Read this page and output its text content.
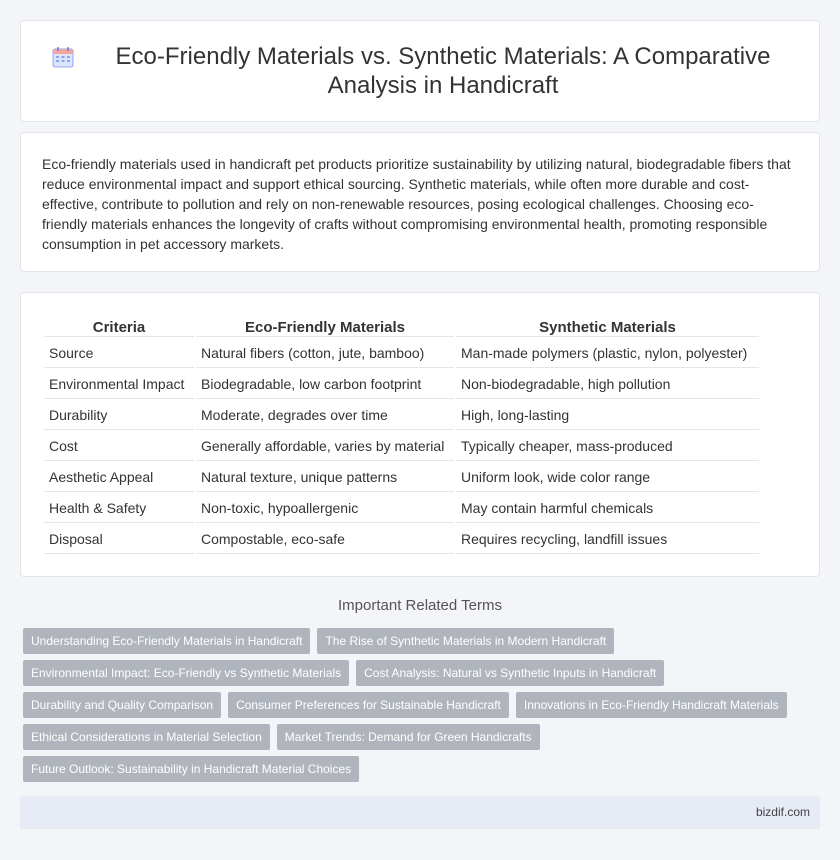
Eco-Friendly Materials vs. Synthetic Materials: A Comparative Analysis in Handicraft

Eco-friendly materials used in handicraft pet products prioritize sustainability by utilizing natural, biodegradable fibers that reduce environmental impact and support ethical sourcing. Synthetic materials, while often more durable and cost-effective, contribute to pollution and rely on non-renewable resources, posing ecological challenges. Choosing eco-friendly materials enhances the longevity of crafts without compromising environmental health, promoting responsible consumption in pet accessory markets.

Criteria	Eco-Friendly Materials	Synthetic Materials
Source	Natural fibers (cotton, jute, bamboo)	Man-made polymers (plastic, nylon, polyester)
Environmental Impact	Biodegradable, low carbon footprint	Non-biodegradable, high pollution
Durability	Moderate, degrades over time	High, long-lasting
Cost	Generally affordable, varies by material	Typically cheaper, mass-produced
Aesthetic Appeal	Natural texture, unique patterns	Uniform look, wide color range
Health & Safety	Non-toxic, hypoallergenic	May contain harmful chemicals
Disposal	Compostable, eco-safe	Requires recycling, landfill issues
Important Related Terms
Understanding Eco-Friendly Materials in Handicraft	The Rise of Synthetic Materials in Modern Handicraft
Environmental Impact: Eco-Friendly vs Synthetic Materials	Cost Analysis: Natural vs Synthetic Inputs in Handicraft
Durability and Quality Comparison	Consumer Preferences for Sustainable Handicraft	Innovations in Eco-Friendly Handicraft Materials
Ethical Considerations in Material Selection	Market Trends: Demand for Green Handicrafts
Future Outlook: Sustainability in Handicraft Material Choices
bizdif.com
